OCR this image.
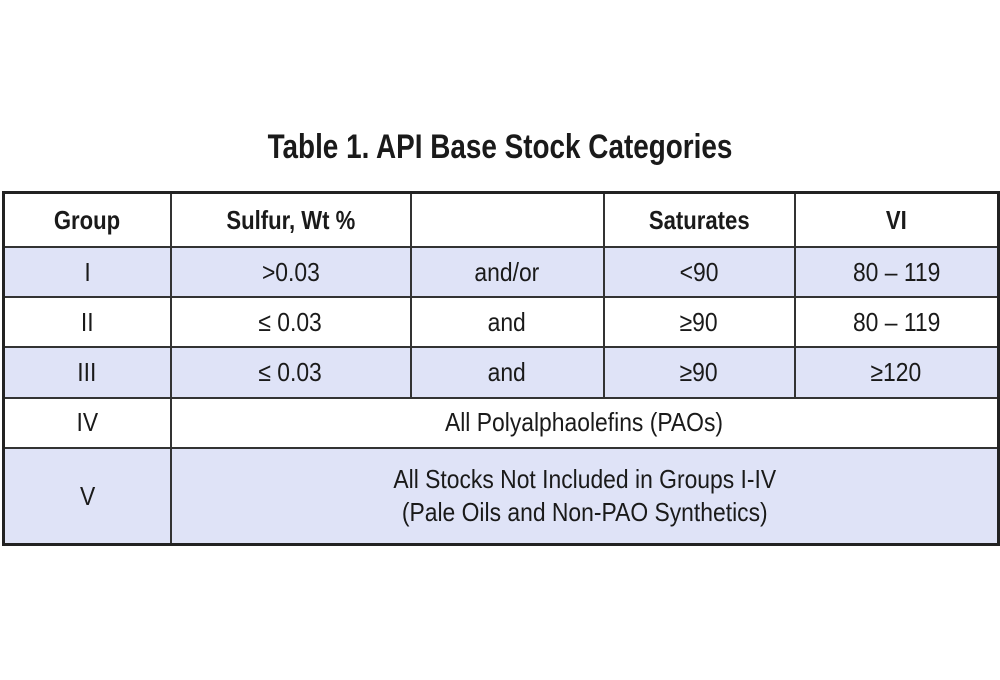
Table 1. API Base Stock Categories
Group	Sulfur, Wt %		Saturates	VI
I	>0.03	and/or	<90	80 – 119
II	≤ 0.03	and	≥90	80 – 119
III	≤ 0.03	and	≥90	≥120
IV	All Polyalphaolefins (PAOs)			
V	All Stocks Not Included in Groups I-IV
(Pale Oils and Non-PAO Synthetics)			
